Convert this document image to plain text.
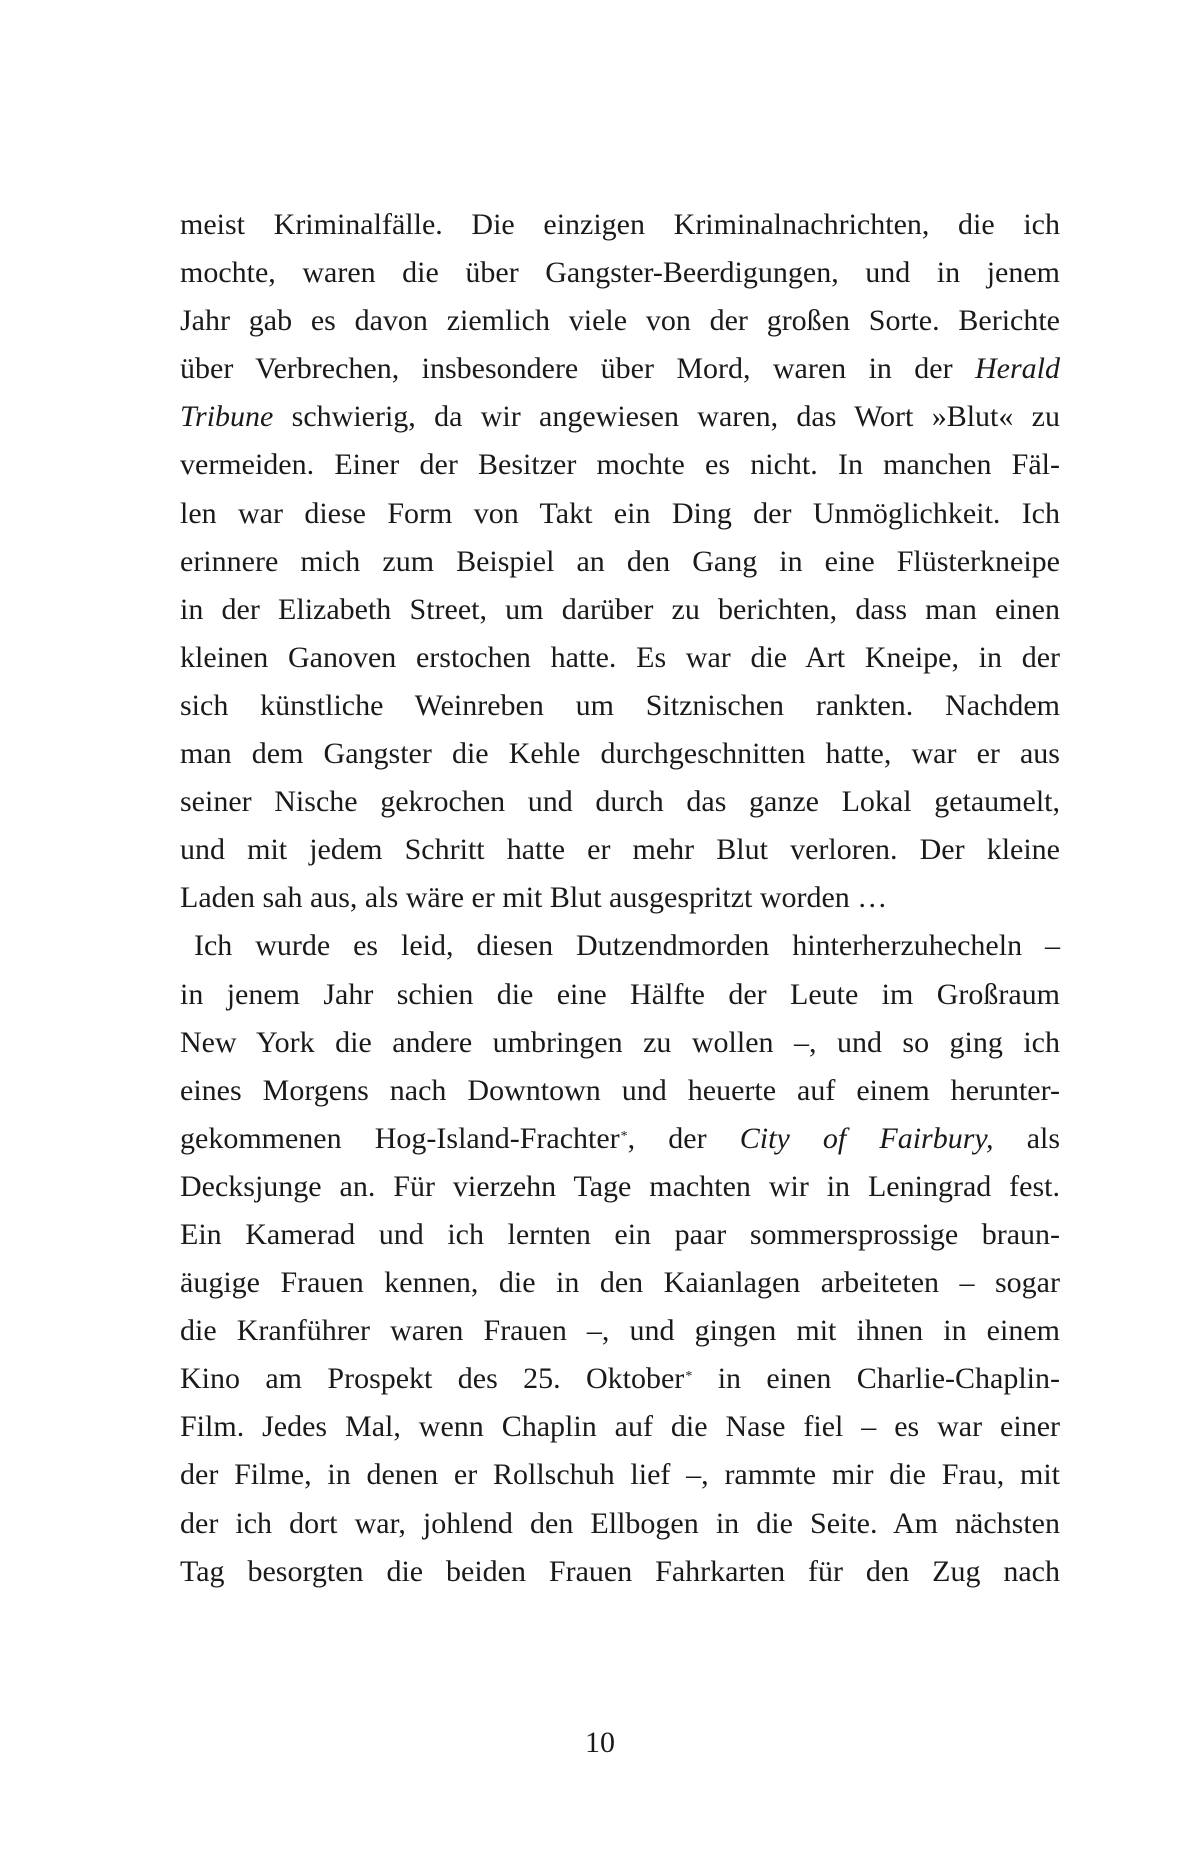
meist Kriminalfälle. Die einzigen Kriminalnachrichten, die ich
mochte, waren die über Gangster-Beerdigungen, und in jenem
Jahr gab es davon ziemlich viele von der großen Sorte. Berichte
über Verbrechen, insbesondere über Mord, waren in der Herald
Tribune schwierig, da wir angewiesen waren, das Wort »Blut« zu
vermeiden. Einer der Besitzer mochte es nicht. In manchen Fäl-
len war diese Form von Takt ein Ding der Unmöglichkeit. Ich
erinnere mich zum Beispiel an den Gang in eine Flüsterkneipe
in der Elizabeth Street, um darüber zu berichten, dass man einen
kleinen Ganoven erstochen hatte. Es war die Art Kneipe, in der
sich künstliche Weinreben um Sitznischen rankten. Nachdem
man dem Gangster die Kehle durchgeschnitten hatte, war er aus
seiner Nische gekrochen und durch das ganze Lokal getaumelt,
und mit jedem Schritt hatte er mehr Blut verloren. Der kleine
Laden sah aus, als wäre er mit Blut ausgespritzt worden …
Ich wurde es leid, diesen Dutzendmorden hinterherzuhecheln –
in jenem Jahr schien die eine Hälfte der Leute im Großraum
New York die andere umbringen zu wollen –, und so ging ich
eines Morgens nach Downtown und heuerte auf einem herunter-
gekommenen Hog-Island-Frachter*, der City of Fairbury, als
Decksjunge an. Für vierzehn Tage machten wir in Leningrad fest.
Ein Kamerad und ich lernten ein paar sommersprossige braun-
äugige Frauen kennen, die in den Kaianlagen arbeiteten – sogar
die Kranführer waren Frauen –, und gingen mit ihnen in einem
Kino am Prospekt des 25. Oktober* in einen Charlie-Chaplin-
Film. Jedes Mal, wenn Chaplin auf die Nase fiel – es war einer
der Filme, in denen er Rollschuh lief –, rammte mir die Frau, mit
der ich dort war, johlend den Ellbogen in die Seite. Am nächsten
Tag besorgten die beiden Frauen Fahrkarten für den Zug nach
10
